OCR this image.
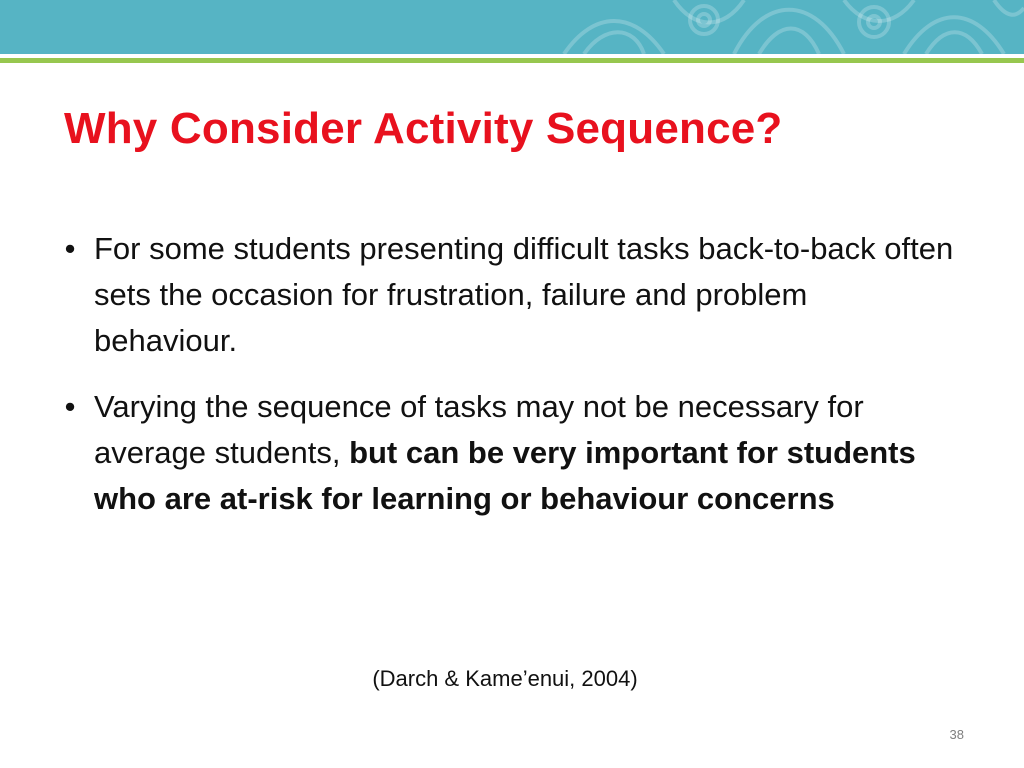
Why Consider Activity Sequence?
• For some students presenting difficult tasks back-to-back often sets the occasion for frustration, failure and problem behaviour.
• Varying the sequence of tasks may not be necessary for average students, but can be very important for students who are at-risk for learning or behaviour concerns
(Darch & Kame’enui, 2004)
38
